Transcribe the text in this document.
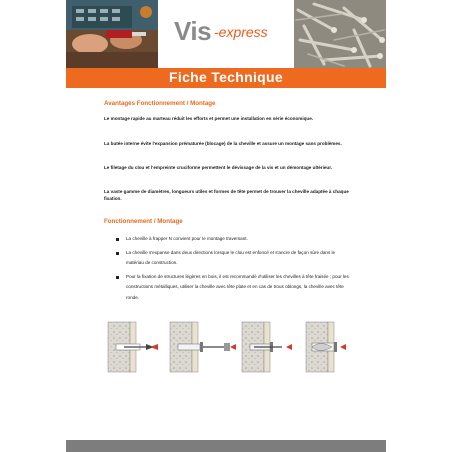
Vis -express
Fiche Technique
Avantages Fonctionnement / Montage
Le montage rapide au marteau réduit les efforts et permet une installation en série économique.
La butée interne évite l'expansion prématurée (blocage) de la cheville et assure un montage sans problèmes.
Le filetage du clou et l'empreinte cruciforme permettent le dévissage de la vis et un démontage ultérieur.
La vaste gamme de diamètres, longueurs utiles et formes de tête permet de trouver la cheville adaptée à chaque fixation.
Fonctionnement / Montage
La cheville à frapper N convient pour le montage traversant.
La cheville s'expanse dans deux directions lorsque le clou est enfoncé et s'ancre de façon sûre dans le matériau de construction.
Pour la fixation de structures légères en bois, il est recommandé d'utiliser les chevilles à tête fraisée ; pour les constructions métalliques, utiliser la cheville avec tête plate et en cas de trous oblongs, la cheville avec tête ronde.
